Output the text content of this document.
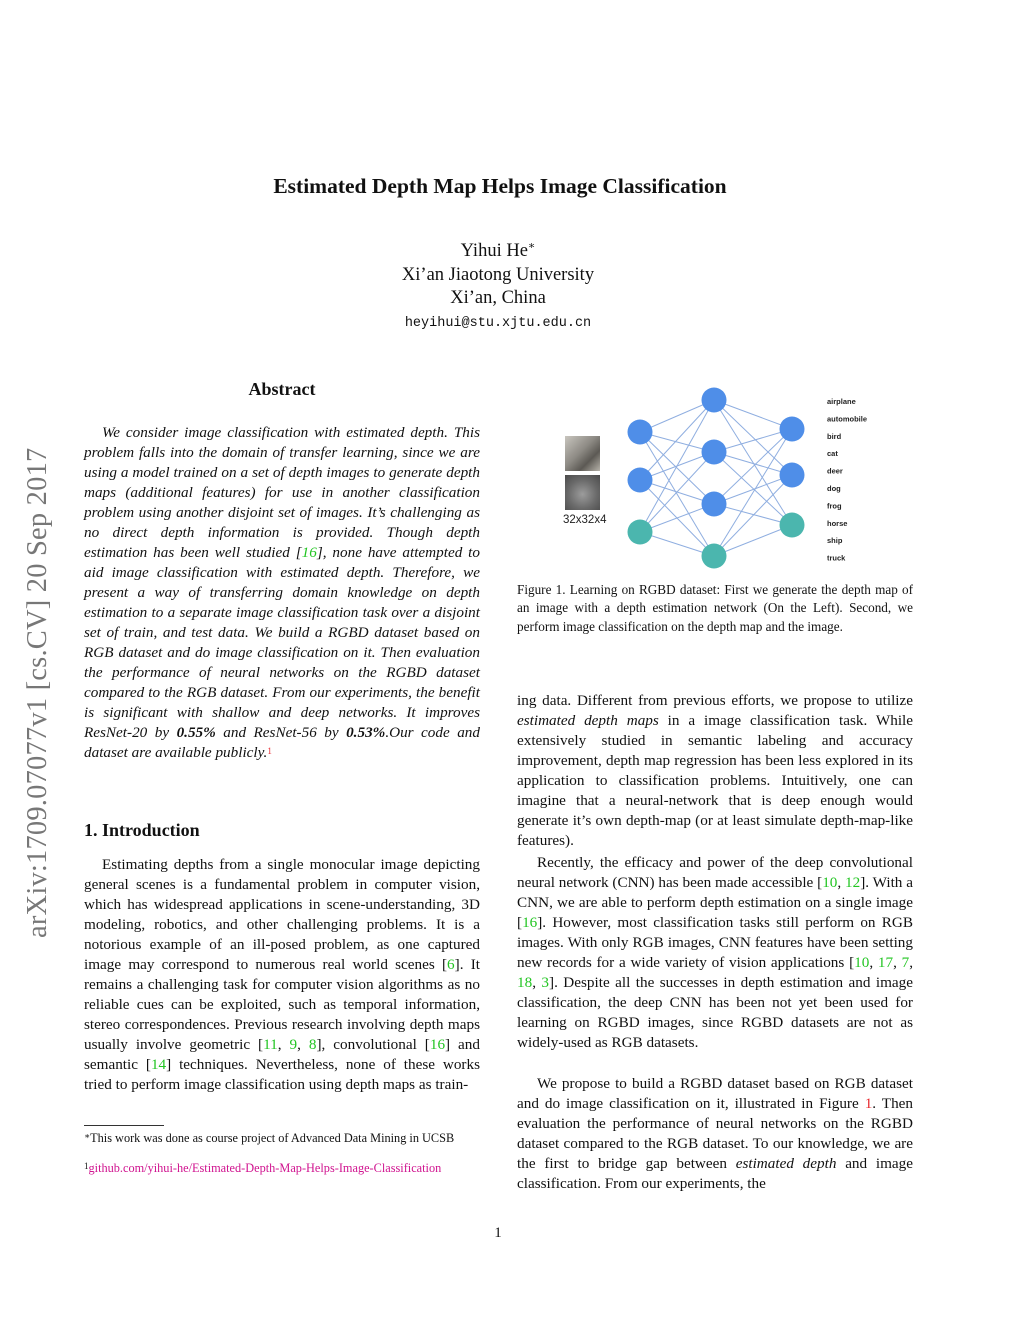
Estimated Depth Map Helps Image Classification
Yihui He∗
Xi’an Jiaotong University
Xi’an, China
heyihui@stu.xjtu.edu.cn
arXiv:1709.07077v1 [cs.CV] 20 Sep 2017
Abstract
We consider image classification with estimated depth. This problem falls into the domain of transfer learning, since we are using a model trained on a set of depth images to generate depth maps (additional features) for use in another classification problem using another disjoint set of images. It’s challenging as no direct depth information is provided. Though depth estimation has been well studied [16], none have attempted to aid image classification with estimated depth. Therefore, we present a way of transferring domain knowledge on depth estimation to a separate image classification task over a disjoint set of train, and test data. We build a RGBD dataset based on RGB dataset and do image classification on it. Then evaluation the performance of neural networks on the RGBD dataset compared to the RGB dataset. From our experiments, the benefit is significant with shallow and deep networks. It improves ResNet-20 by 0.55% and ResNet-56 by 0.53%.Our code and dataset are available publicly.$^1$
1. Introduction
Estimating depths from a single monocular image depicting general scenes is a fundamental problem in computer vision, which has widespread applications in scene-understanding, 3D modeling, robotics, and other challenging problems. It is a notorious example of an ill-posed problem, as one captured image may correspond to numerous real world scenes [6]. It remains a challenging task for computer vision algorithms as no reliable cues can be exploited, such as temporal information, stereo correspondences. Previous research involving depth maps usually involve geometric [11, 9, 8], convolutional [16] and semantic [14] techniques. Nevertheless, none of these works tried to perform image classification using depth maps as train-
∗This work was done as course project of Advanced Data Mining in UCSB
$^1$github.com/yihui-he/Estimated-Depth-Map-Helps-Image-Classification
32x32x4
airplane
automobile
bird
cat
deer
dog
frog
horse
ship
truck
Figure 1. Learning on RGBD dataset: First we generate the depth map of an image with a depth estimation network (On the Left). Second, we perform image classification on the depth map and the image.
ing data. Different from previous efforts, we propose to utilize estimated depth maps in a image classification task. While extensively studied in semantic labeling and accuracy improvement, depth map regression has been less explored in its application to classification problems. Intuitively, one can imagine that a neural-network that is deep enough would generate it’s own depth-map (or at least simulate depth-map-like features).
Recently, the efficacy and power of the deep convolutional neural network (CNN) has been made accessible [10, 12]. With a CNN, we are able to perform depth estimation on a single image [16]. However, most classification tasks still perform on RGB images. With only RGB images, CNN features have been setting new records for a wide variety of vision applications [10, 17, 7, 18, 3]. Despite all the successes in depth estimation and image classification, the deep CNN has been not yet been used for learning on RGBD images, since RGBD datasets are not as widely-used as RGB datasets.
We propose to build a RGBD dataset based on RGB dataset and do image classification on it, illustrated in Figure 1. Then evaluation the performance of neural networks on the RGBD dataset compared to the RGB dataset. To our knowledge, we are the first to bridge gap between estimated depth and image classification. From our experiments, the
1
